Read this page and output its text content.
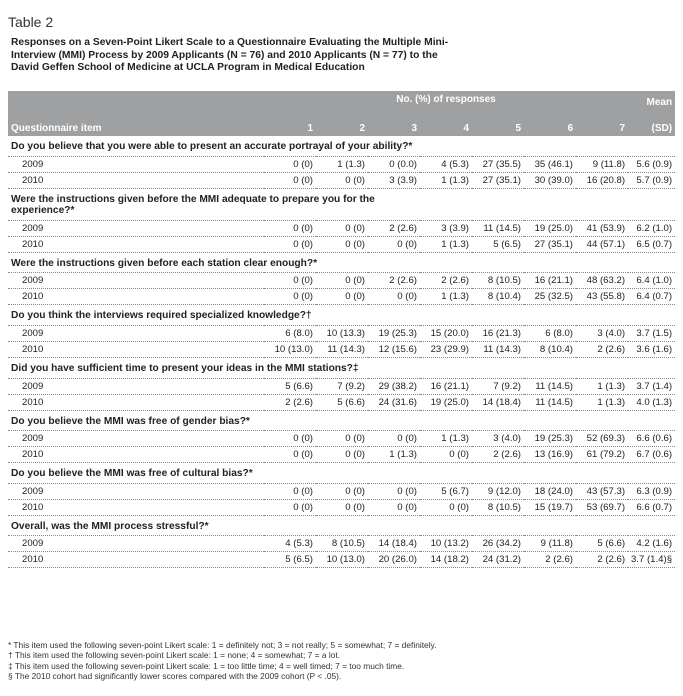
Table 2
Responses on a Seven-Point Likert Scale to a Questionnaire Evaluating the Multiple Mini-Interview (MMI) Process by 2009 Applicants (N = 76) and 2010 Applicants (N = 77) to the David Geffen School of Medicine at UCLA Program in Medical Education
	No. (%) of responses							Mean
Questionnaire item	1	2	3	4	5	6	7	(SD)
Do you believe that you were able to present an accurate portrayal of your ability?*								
2009	0 (0)	1 (1.3)	0 (0.0)	4 (5.3)	27 (35.5)	35 (46.1)	9 (11.8)	5.6 (0.9)
2010	0 (0)	0 (0)	3 (3.9)	1 (1.3)	27 (35.1)	30 (39.0)	16 (20.8)	5.7 (0.9)
Were the instructions given before the MMI adequate to prepare you for the experience?*								
2009	0 (0)	0 (0)	2 (2.6)	3 (3.9)	11 (14.5)	19 (25.0)	41 (53.9)	6.2 (1.0)
2010	0 (0)	0 (0)	0 (0)	1 (1.3)	5 (6.5)	27 (35.1)	44 (57.1)	6.5 (0.7)
Were the instructions given before each station clear enough?*								
2009	0 (0)	0 (0)	2 (2.6)	2 (2.6)	8 (10.5)	16 (21.1)	48 (63.2)	6.4 (1.0)
2010	0 (0)	0 (0)	0 (0)	1 (1.3)	8 (10.4)	25 (32.5)	43 (55.8)	6.4 (0.7)
Do you think the interviews required specialized knowledge?†								
2009	6 (8.0)	10 (13.3)	19 (25.3)	15 (20.0)	16 (21.3)	6 (8.0)	3 (4.0)	3.7 (1.5)
2010	10 (13.0)	11 (14.3)	12 (15.6)	23 (29.9)	11 (14.3)	8 (10.4)	2 (2.6)	3.6 (1.6)
Did you have sufficient time to present your ideas in the MMI stations?‡								
2009	5 (6.6)	7 (9.2)	29 (38.2)	16 (21.1)	7 (9.2)	11 (14.5)	1 (1.3)	3.7 (1.4)
2010	2 (2.6)	5 (6.6)	24 (31.6)	19 (25.0)	14 (18.4)	11 (14.5)	1 (1.3)	4.0 (1.3)
Do you believe the MMI was free of gender bias?*								
2009	0 (0)	0 (0)	0 (0)	1 (1.3)	3 (4.0)	19 (25.3)	52 (69.3)	6.6 (0.6)
2010	0 (0)	0 (0)	1 (1.3)	0 (0)	2 (2.6)	13 (16.9)	61 (79.2)	6.7 (0.6)
Do you believe the MMI was free of cultural bias?*								
2009	0 (0)	0 (0)	0 (0)	5 (6.7)	9 (12.0)	18 (24.0)	43 (57.3)	6.3 (0.9)
2010	0 (0)	0 (0)	0 (0)	0 (0)	8 (10.5)	15 (19.7)	53 (69.7)	6.6 (0.7)
Overall, was the MMI process stressful?*								
2009	4 (5.3)	8 (10.5)	14 (18.4)	10 (13.2)	26 (34.2)	9 (11.8)	5 (6.6)	4.2 (1.6)
2010	5 (6.5)	10 (13.0)	20 (26.0)	14 (18.2)	24 (31.2)	2 (2.6)	2 (2.6)	3.7 (1.4)§

* This item used the following seven-point Likert scale: 1 = definitely not; 3 = not really; 5 = somewhat; 7 = definitely.

† This item used the following seven-point Likert scale: 1 = none; 4 = somewhat; 7 = a lot.

‡ This item used the following seven-point Likert scale: 1 = too little time; 4 = well timed; 7 = too much time.

§ The 2010 cohort had significantly lower scores compared with the 2009 cohort (P < .05).
